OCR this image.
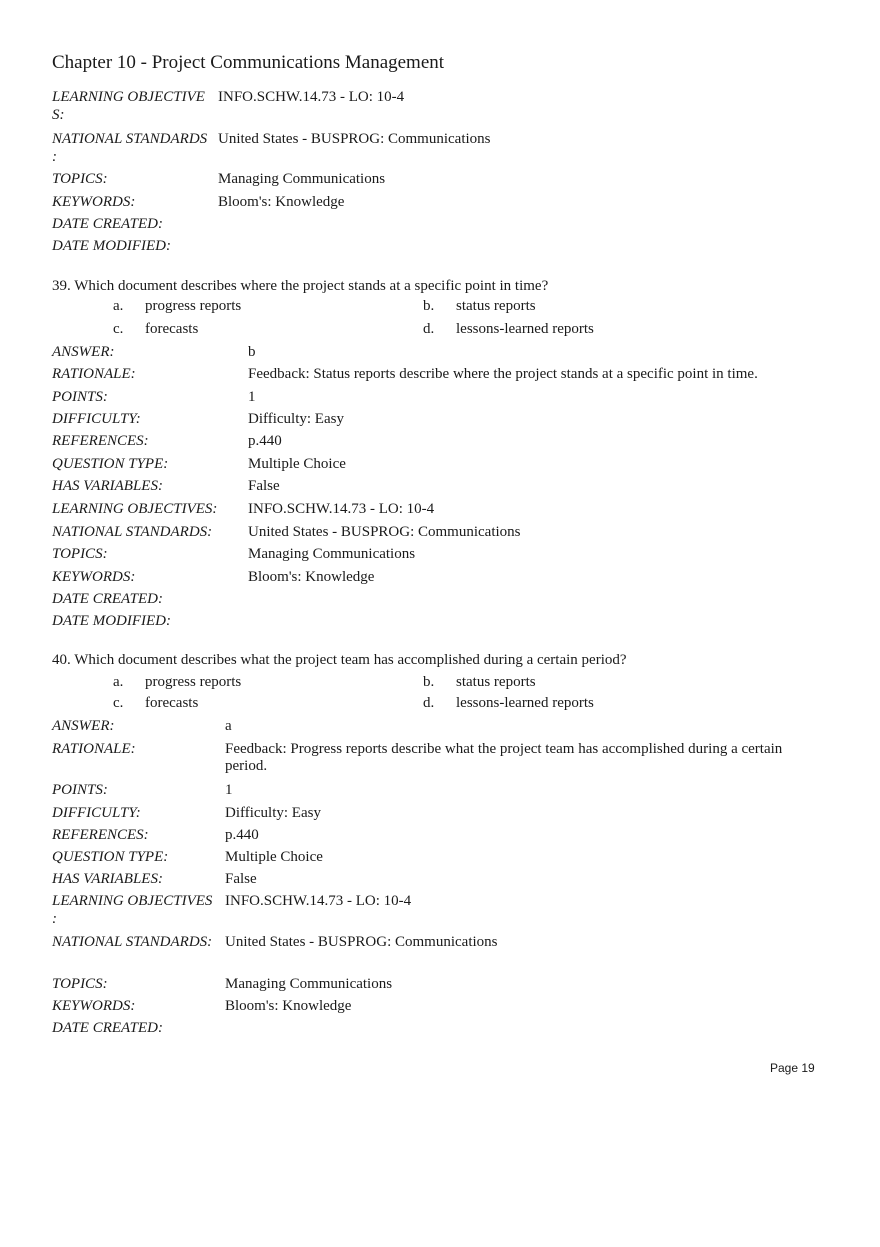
Chapter 10 - Project Communications Management
LEARNING OBJECTIVE
S:
INFO.SCHW.14.73 - LO: 10-4
NATIONAL STANDARDS
:
United States - BUSPROG: Communications
TOPICS:	Managing Communications
KEYWORDS:	Bloom's: Knowledge
DATE CREATED:
DATE MODIFIED:
39. Which document describes where the project stands at a specific point in time?
a. progress reports	b. status reports
c. forecasts	d. lessons-learned reports
ANSWER:	b
RATIONALE:	Feedback: Status reports describe where the project stands at a specific point in time.
POINTS:	1
DIFFICULTY:	Difficulty: Easy
REFERENCES:	p.440
QUESTION TYPE:	Multiple Choice
HAS VARIABLES:	False
LEARNING OBJECTIVES: INFO.SCHW.14.73 - LO: 10-4
NATIONAL STANDARDS: United States - BUSPROG: Communications
TOPICS:	Managing Communications
KEYWORDS:	Bloom's: Knowledge
DATE CREATED:
DATE MODIFIED:
40. Which document describes what the project team has accomplished during a certain period?
a. progress reports	b. status reports
c. forecasts	d. lessons-learned reports
ANSWER:	a
RATIONALE:	Feedback: Progress reports describe what the project team has accomplished during a certain period.
POINTS:	1
DIFFICULTY:	Difficulty: Easy
REFERENCES:	p.440
QUESTION TYPE:	Multiple Choice
HAS VARIABLES:	False
LEARNING OBJECTIVES
:
INFO.SCHW.14.73 - LO: 10-4
NATIONAL STANDARDS: United States - BUSPROG: Communications
TOPICS:	Managing Communications
KEYWORDS:	Bloom's: Knowledge
DATE CREATED:
Page 19
